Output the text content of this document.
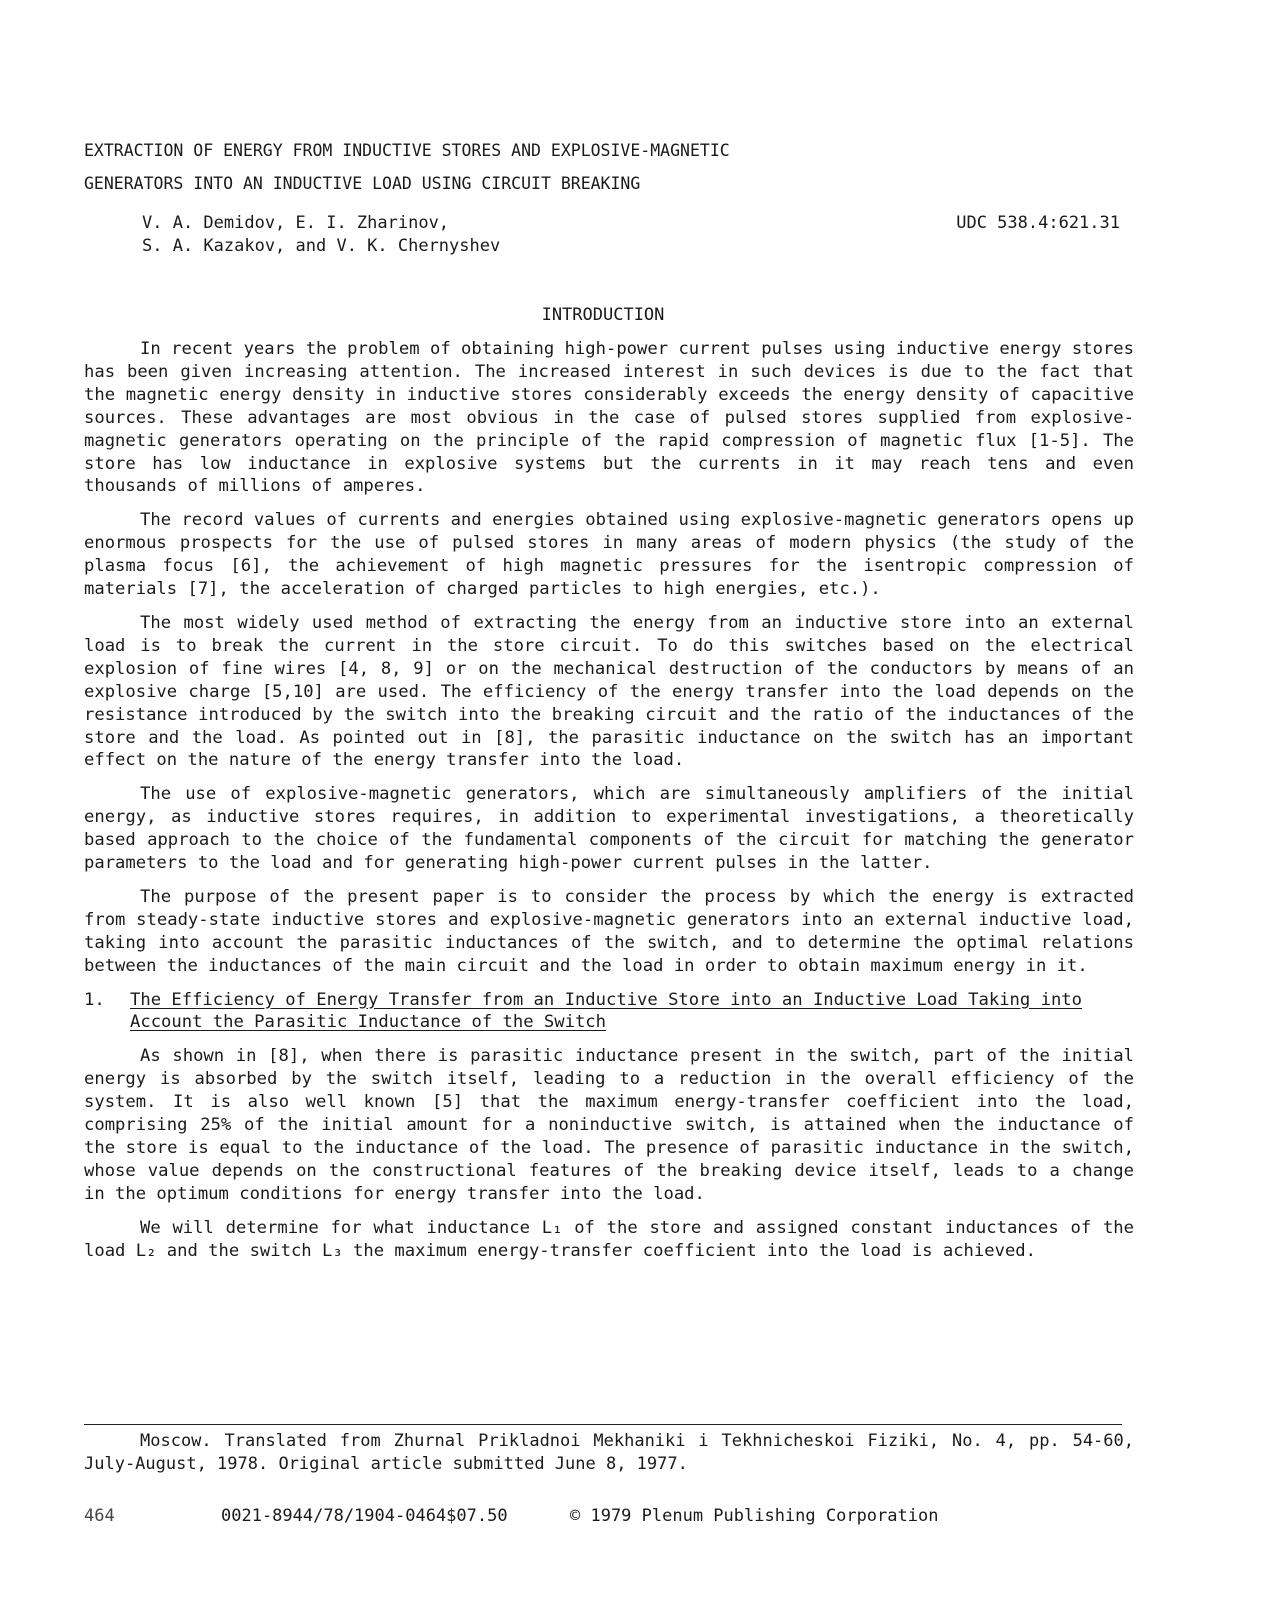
EXTRACTION OF ENERGY FROM INDUCTIVE STORES AND EXPLOSIVE-MAGNETIC
GENERATORS INTO AN INDUCTIVE LOAD USING CIRCUIT BREAKING
V. A. Demidov, E. I. Zharinov,
S. A. Kazakov, and V. K. Chernyshev
UDC 538.4:621.31
INTRODUCTION

In recent years the problem of obtaining high-power current pulses using inductive energy stores has been given increasing attention. The increased interest in such devices is due to the fact that the magnetic energy density in inductive stores considerably exceeds the energy density of capacitive sources. These advantages are most obvious in the case of pulsed stores supplied from explosive-magnetic generators operating on the principle of the rapid compression of magnetic flux [1-5]. The store has low inductance in explosive systems but the currents in it may reach tens and even thousands of millions of amperes.

The record values of currents and energies obtained using explosive-magnetic generators opens up enormous prospects for the use of pulsed stores in many areas of modern physics (the study of the plasma focus [6], the achievement of high magnetic pressures for the isentropic compression of materials [7], the acceleration of charged particles to high energies, etc.).

The most widely used method of extracting the energy from an inductive store into an external load is to break the current in the store circuit. To do this switches based on the electrical explosion of fine wires [4, 8, 9] or on the mechanical destruction of the conductors by means of an explosive charge [5,10] are used. The efficiency of the energy transfer into the load depends on the resistance introduced by the switch into the breaking circuit and the ratio of the inductances of the store and the load. As pointed out in [8], the parasitic inductance on the switch has an important effect on the nature of the energy transfer into the load.

The use of explosive-magnetic generators, which are simultaneously amplifiers of the initial energy, as inductive stores requires, in addition to experimental investigations, a theoretically based approach to the choice of the fundamental components of the circuit for matching the generator parameters to the load and for generating high-power current pulses in the latter.

The purpose of the present paper is to consider the process by which the energy is extracted from steady-state inductive stores and explosive-magnetic generators into an external inductive load, taking into account the parasitic inductances of the switch, and to determine the optimal relations between the inductances of the main circuit and the load in order to obtain maximum energy in it.

1. The Efficiency of Energy Transfer from an Inductive Store into an Inductive Load Taking into Account the Parasitic Inductance of the Switch

As shown in [8], when there is parasitic inductance present in the switch, part of the initial energy is absorbed by the switch itself, leading to a reduction in the overall efficiency of the system. It is also well known [5] that the maximum energy-transfer coefficient into the load, comprising 25% of the initial amount for a noninductive switch, is attained when the inductance of the store is equal to the inductance of the load. The presence of parasitic inductance in the switch, whose value depends on the constructional features of the breaking device itself, leads to a change in the optimum conditions for energy transfer into the load.

We will determine for what inductance L₁ of the store and assigned constant inductances of the load L₂ and the switch L₃ the maximum energy-transfer coefficient into the load is achieved.

Moscow. Translated from Zhurnal Prikladnoi Mekhaniki i Tekhnicheskoi Fiziki, No. 4, pp. 54-60, July-August, 1978. Original article submitted June 8, 1977.
464	0021-8944/78/1904-0464$07.50	© 1979 Plenum Publishing Corporation
